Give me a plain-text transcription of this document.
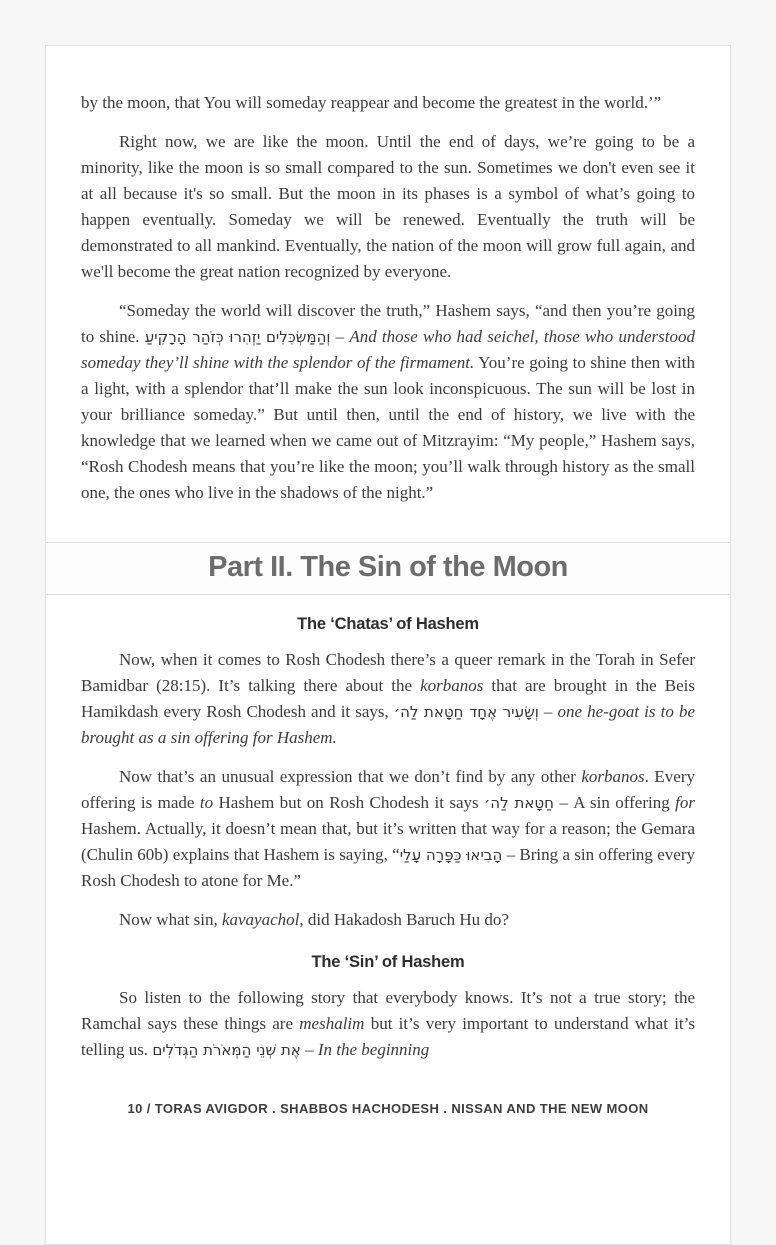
by the moon, that You will someday reappear and become the greatest in the world.’”

Right now, we are like the moon. Until the end of days, we’re going to be a minority, like the moon is so small compared to the sun. Sometimes we don't even see it at all because it's so small. But the moon in its phases is a symbol of what’s going to happen eventually. Someday we will be renewed. Eventually the truth will be demonstrated to all mankind. Eventually, the nation of the moon will grow full again, and we'll become the great nation recognized by everyone.

“Someday the world will discover the truth,” Hashem says, “and then you’re going to shine. וְהַמַּשְׂכִּלִים יַזְהִרוּ כְּזֹהַר הָרָקִיעַ – And those who had seichel, those who understood someday they’ll shine with the splendor of the firmament. You’re going to shine then with a light, with a splendor that’ll make the sun look inconspicuous. The sun will be lost in your brilliance someday.” But until then, until the end of history, we live with the knowledge that we learned when we came out of Mitzrayim: “My people,” Hashem says, “Rosh Chodesh means that you’re like the moon; you’ll walk through history as the small one, the ones who live in the shadows of the night.”

Part II. The Sin of the Moon
The ‘Chatas’ of Hashem

Now, when it comes to Rosh Chodesh there’s a queer remark in the Torah in Sefer Bamidbar (28:15). It’s talking there about the korbanos that are brought in the Beis Hamikdash every Rosh Chodesh and it says, וְשָׂעִיר אֶחָד חַטָּאת לַה׳ – one he-goat is to be brought as a sin offering for Hashem.

Now that’s an unusual expression that we don’t find by any other korbanos. Every offering is made to Hashem but on Rosh Chodesh it says חַטָּאת לַה׳ – A sin offering for Hashem. Actually, it doesn’t mean that, but it’s written that way for a reason; the Gemara (Chulin 60b) explains that Hashem is saying, “הָבִיאוּ כַּפָּרָה עָלַי – Bring a sin offering every Rosh Chodesh to atone for Me.”

Now what sin, kavayachol, did Hakadosh Baruch Hu do?

The ‘Sin’ of Hashem

So listen to the following story that everybody knows. It’s not a true story; the Ramchal says these things are meshalim but it’s very important to understand what it’s telling us. אֶת שְׁנֵי הַמְּאֹרֹת הַגְּדֹלִים – In the beginning

10 / TORAS AVIGDOR . SHABBOS HACHODESH . NISSAN AND THE NEW MOON
